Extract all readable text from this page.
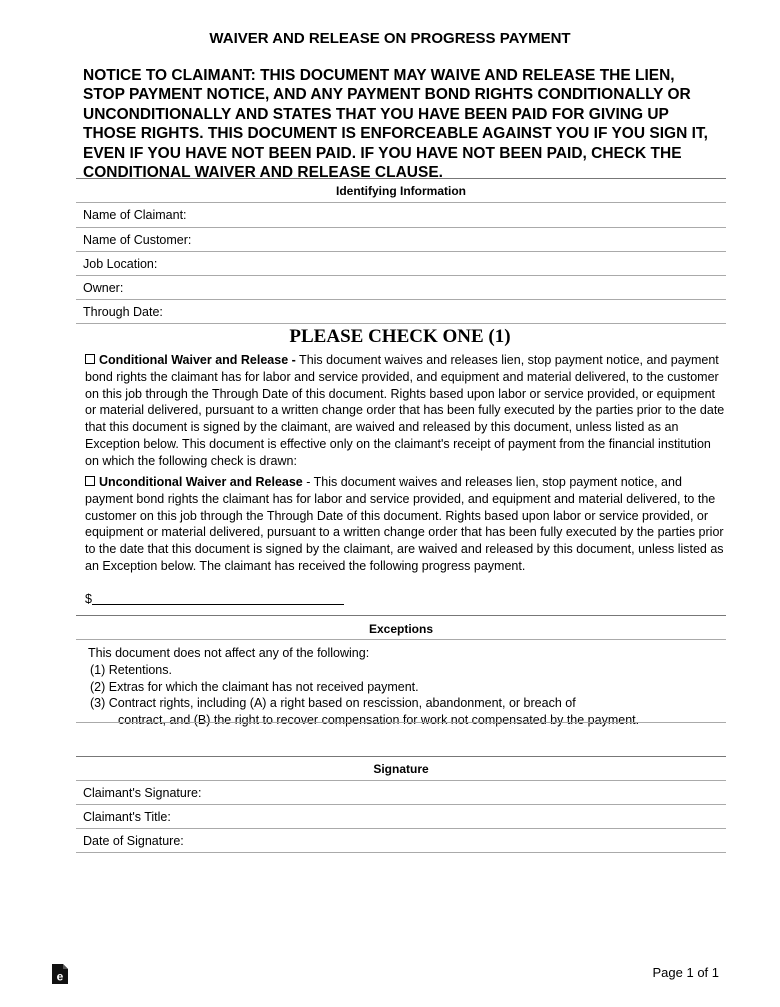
WAIVER AND RELEASE ON PROGRESS PAYMENT
NOTICE TO CLAIMANT: THIS DOCUMENT MAY WAIVE AND RELEASE THE LIEN, STOP PAYMENT NOTICE, AND ANY PAYMENT BOND RIGHTS CONDITIONALLY OR UNCONDITIONALLY AND STATES THAT YOU HAVE BEEN PAID FOR GIVING UP THOSE RIGHTS. THIS DOCUMENT IS ENFORCEABLE AGAINST YOU IF YOU SIGN IT, EVEN IF YOU HAVE NOT BEEN PAID. IF YOU HAVE NOT BEEN PAID, CHECK THE CONDITIONAL WAIVER AND RELEASE CLAUSE.
Identifying Information
Name of Claimant:
Name of Customer:
Job Location:
Owner:
Through Date:
PLEASE CHECK ONE (1)
Conditional Waiver and Release - This document waives and releases lien, stop payment notice, and payment bond rights the claimant has for labor and service provided, and equipment and material delivered, to the customer on this job through the Through Date of this document. Rights based upon labor or service provided, or equipment or material delivered, pursuant to a written change order that has been fully executed by the parties prior to the date that this document is signed by the claimant, are waived and released by this document, unless listed as an Exception below. This document is effective only on the claimant's receipt of payment from the financial institution on which the following check is drawn:
Unconditional Waiver and Release - This document waives and releases lien, stop payment notice, and payment bond rights the claimant has for labor and service provided, and equipment and material delivered, to the customer on this job through the Through Date of this document. Rights based upon labor or service provided, or equipment or material delivered, pursuant to a written change order that has been fully executed by the parties prior to the date that this document is signed by the claimant, are waived and released by this document, unless listed as an Exception below. The claimant has received the following progress payment.
$
Exceptions
This document does not affect any of the following:
(1) Retentions.
(2) Extras for which the claimant has not received payment.
(3) Contract rights, including (A) a right based on rescission, abandonment, or breach of
contract, and (B) the right to recover compensation for work not compensated by the payment.
Signature
Claimant's Signature:
Claimant's Title:
Date of Signature:
e	Page 1 of 1
